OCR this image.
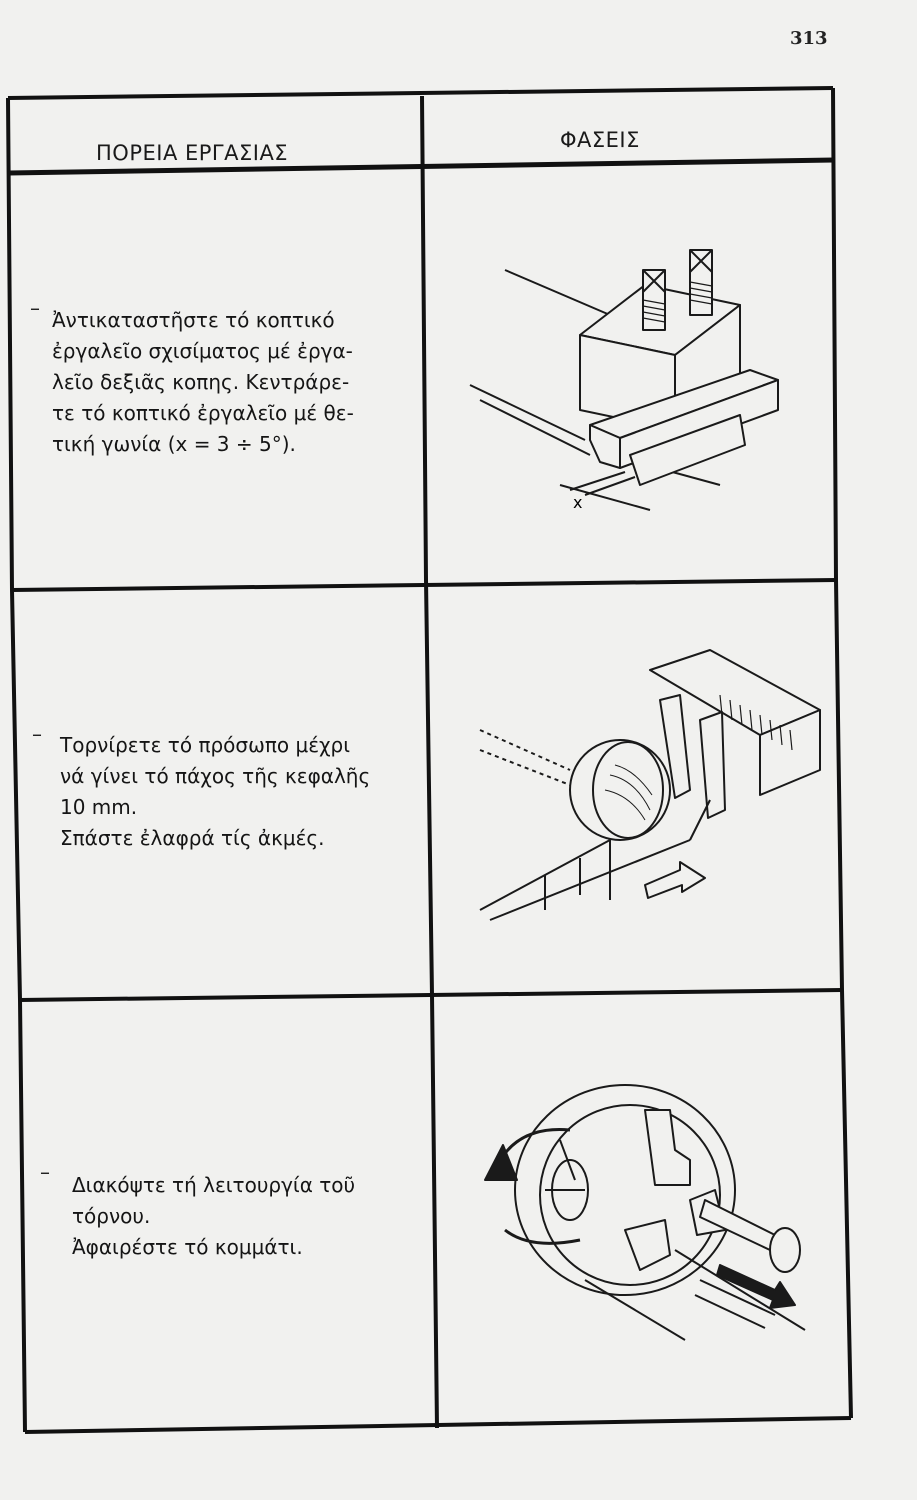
313
ΠΟΡΕΙΑ ΕΡΓΑΣΙΑΣ
ΦΑΣΕΙΣ
– Ἀντικαταστῆστε τό κοπτικό
ἐργαλεῖο σχισίματος μέ ἐργα-
λεῖο δεξιᾶς κοπης. Κεντράρε-
τε τό κοπτικό ἐργαλεῖο μέ θε-
τική γωνία (x = 3 ÷ 5°).
– Τορνίρετε τό πρόσωπο μέχρι
νά γίνει τό πάχος τῆς κεφαλῆς
10 mm.
Σπάστε ἐλαφρά τίς ἀκμές.
–
Διακόψτε τή λειτουργία τοῦ
τόρνου.
Ἀφαιρέστε τό κομμάτι.
x
